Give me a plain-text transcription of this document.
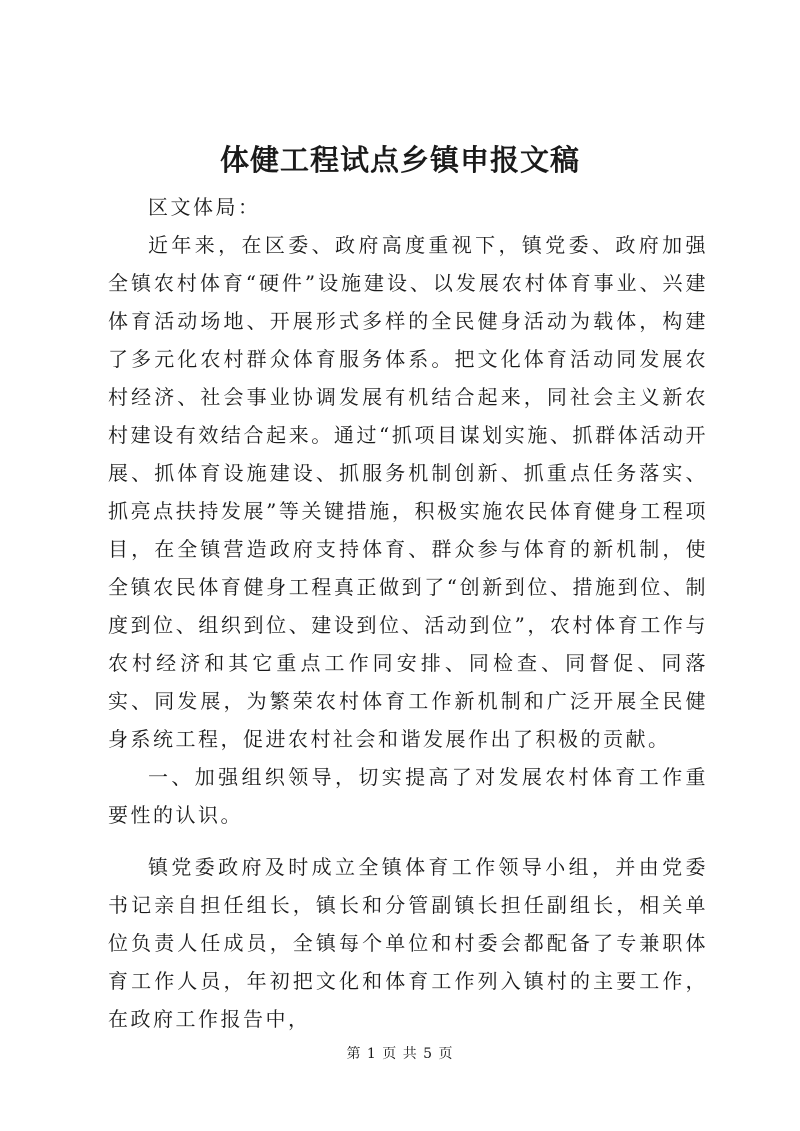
体健工程试点乡镇申报文稿

区文体局：

近年来，在区委、政府高度重视下，镇党委、政府加强全镇农村体育“硬件”设施建设、以发展农村体育事业、兴建体育活动场地、开展形式多样的全民健身活动为载体，构建了多元化农村群众体育服务体系。把文化体育活动同发展农村经济、社会事业协调发展有机结合起来，同社会主义新农村建设有效结合起来。通过“抓项目谋划实施、抓群体活动开展、抓体育设施建设、抓服务机制创新、抓重点任务落实、抓亮点扶持发展”等关键措施，积极实施农民体育健身工程项目，在全镇营造政府支持体育、群众参与体育的新机制，使全镇农民体育健身工程真正做到了“创新到位、措施到位、制度到位、组织到位、建设到位、活动到位”，农村体育工作与农村经济和其它重点工作同安排、同检查、同督促、同落实、同发展，为繁荣农村体育工作新机制和广泛开展全民健身系统工程，促进农村社会和谐发展作出了积极的贡献。

一、加强组织领导，切实提高了对发展农村体育工作重要性的认识。

镇党委政府及时成立全镇体育工作领导小组，并由党委书记亲自担任组长，镇长和分管副镇长担任副组长，相关单位负责人任成员，全镇每个单位和村委会都配备了专兼职体育工作人员，年初把文化和体育工作列入镇村的主要工作，在政府工作报告中，

第 1 页 共 5 页
